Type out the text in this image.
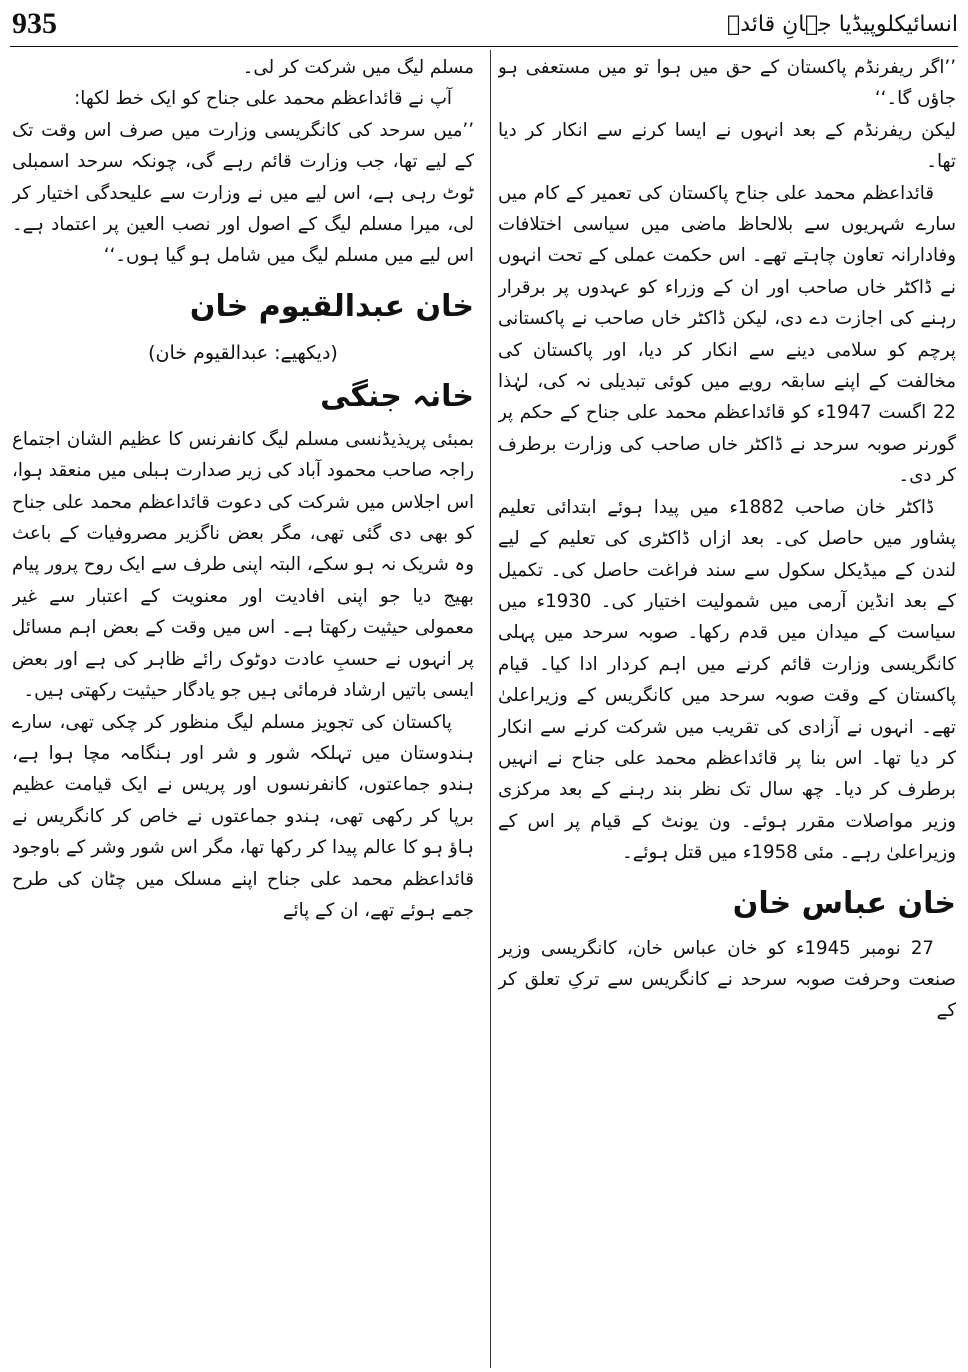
935	انسائیکلوپیڈیا جہانِ قائدؒ

’’اگر ریفرنڈم پاکستان کے حق میں ہوا تو میں مستعفی ہو جاؤں گا۔‘‘

لیکن ریفرنڈم کے بعد انہوں نے ایسا کرنے سے انکار کر دیا تھا۔

قائداعظم محمد علی جناح پاکستان کی تعمیر کے کام میں سارے شہریوں سے بلالحاظ ماضی میں سیاسی اختلافات وفادارانہ تعاون چاہتے تھے۔ اس حکمت عملی کے تحت انہوں نے ڈاکٹر خاں صاحب اور ان کے وزراء کو عہدوں پر برقرار رہنے کی اجازت دے دی، لیکن ڈاکٹر خاں صاحب نے پاکستانی پرچم کو سلامی دینے سے انکار کر دیا، اور پاکستان کی مخالفت کے اپنے سابقہ رویے میں کوئی تبدیلی نہ کی، لہٰذا 22 اگست 1947ء کو قائداعظم محمد علی جناح کے حکم پر گورنر صوبہ سرحد نے ڈاکٹر خاں صاحب کی وزارت برطرف کر دی۔

ڈاکٹر خان صاحب 1882ء میں پیدا ہوئے ابتدائی تعلیم پشاور میں حاصل کی۔ بعد ازاں ڈاکٹری کی تعلیم کے لیے لندن کے میڈیکل سکول سے سند فراغت حاصل کی۔ تکمیل کے بعد انڈین آرمی میں شمولیت اختیار کی۔ 1930ء میں سیاست کے میدان میں قدم رکھا۔ صوبہ سرحد میں پہلی کانگریسی وزارت قائم کرنے میں اہم کردار ادا کیا۔ قیام پاکستان کے وقت صوبہ سرحد میں کانگریس کے وزیراعلیٰ تھے۔ انہوں نے آزادی کی تقریب میں شرکت کرنے سے انکار کر دیا تھا۔ اس بنا پر قائداعظم محمد علی جناح نے انہیں برطرف کر دیا۔ چھ سال تک نظر بند رہنے کے بعد مرکزی وزیر مواصلات مقرر ہوئے۔ ون یونٹ کے قیام پر اس کے وزیراعلیٰ رہے۔ مئی 1958ء میں قتل ہوئے۔

خان عباس خان

27 نومبر 1945ء کو خان عباس خان، کانگریسی وزیر صنعت وحرفت صوبہ سرحد نے کانگریس سے ترکِ تعلق کر کے

مسلم لیگ میں شرکت کر لی۔

آپ نے قائداعظم محمد علی جناح کو ایک خط لکھا:

’’میں سرحد کی کانگریسی وزارت میں صرف اس وقت تک کے لیے تھا، جب وزارت قائم رہے گی، چونکہ سرحد اسمبلی ٹوٹ رہی ہے، اس لیے میں نے وزارت سے علیحدگی اختیار کر لی، میرا مسلم لیگ کے اصول اور نصب العین پر اعتماد ہے۔ اس لیے میں مسلم لیگ میں شامل ہو گیا ہوں۔‘‘

خان عبدالقیوم خان
(دیکھیے: عبدالقیوم خان)
خانہ جنگی

بمبئی پریذیڈنسی مسلم لیگ کانفرنس کا عظیم الشان اجتماع راجہ صاحب محمود آباد کی زیر صدارت ہبلی میں منعقد ہوا، اس اجلاس میں شرکت کی دعوت قائداعظم محمد علی جناح کو بھی دی گئی تھی، مگر بعض ناگزیر مصروفیات کے باعث وہ شریک نہ ہو سکے، البتہ اپنی طرف سے ایک روح پرور پیام بھیج دیا جو اپنی افادیت اور معنویت کے اعتبار سے غیر معمولی حیثیت رکھتا ہے۔ اس میں وقت کے بعض اہم مسائل پر انہوں نے حسبِ عادت دوٹوک رائے ظاہر کی ہے اور بعض ایسی باتیں ارشاد فرمائی ہیں جو یادگار حیثیت رکھتی ہیں۔

پاکستان کی تجویز مسلم لیگ منظور کر چکی تھی، سارے ہندوستان میں تہلکہ شور و شر اور ہنگامہ مچا ہوا ہے، ہندو جماعتوں، کانفرنسوں اور پریس نے ایک قیامت عظیم برپا کر رکھی تھی، ہندو جماعتوں نے خاص کر کانگریس نے ہاؤ ہو کا عالم پیدا کر رکھا تھا، مگر اس شور وشر کے باوجود قائداعظم محمد علی جناح اپنے مسلک میں چٹان کی طرح جمے ہوئے تھے، ان کے پائے
